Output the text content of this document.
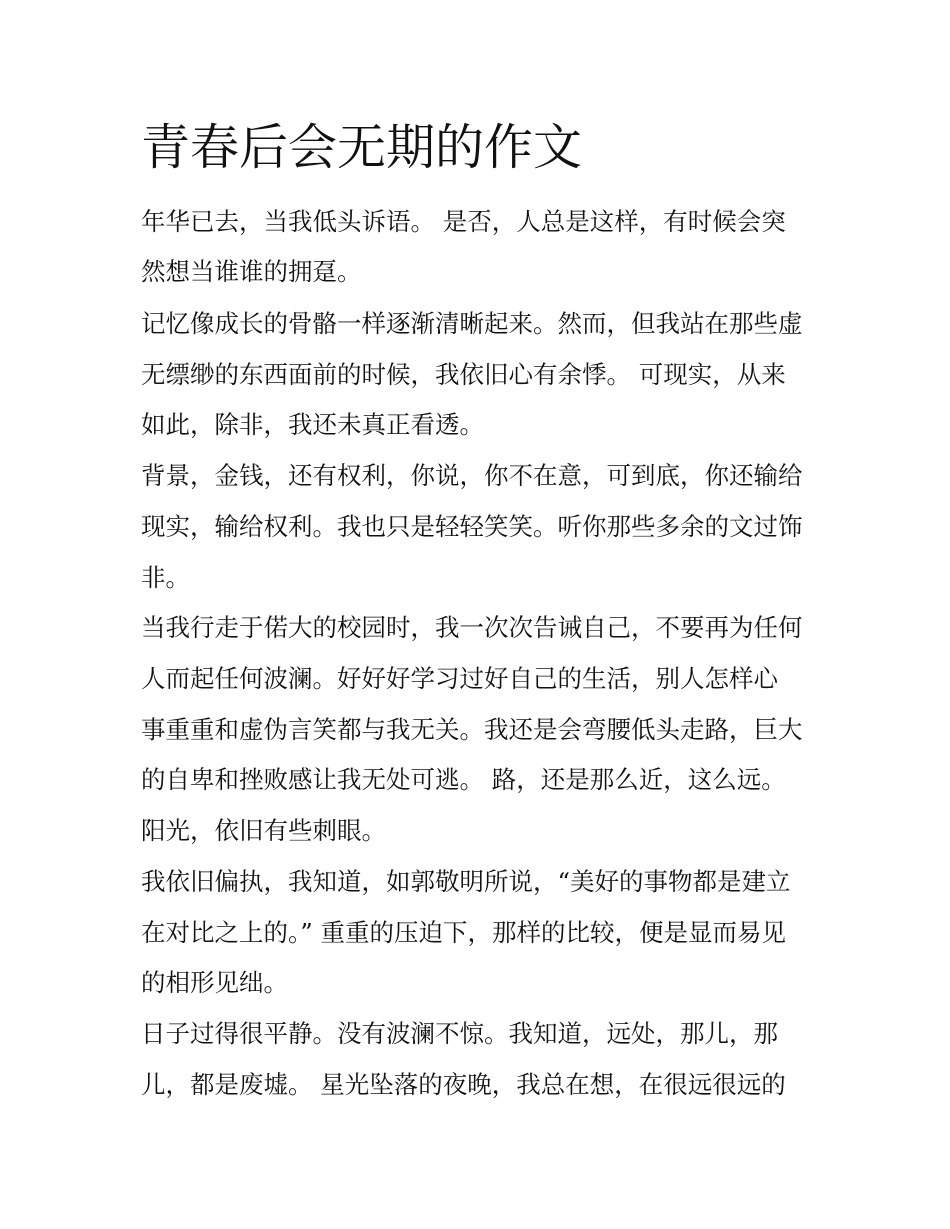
青春后会无期的作文
年华已去，当我低头诉语。 是否，人总是这样，有时候会突
然想当谁谁的拥趸。
记忆像成长的骨骼一样逐渐清晰起来。然而，但我站在那些虚
无缥缈的东西面前的时候，我依旧心有余悸。 可现实，从来
如此，除非，我还未真正看透。
背景，金钱，还有权利，你说，你不在意，可到底，你还输给
现实，输给权利。我也只是轻轻笑笑。听你那些多余的文过饰
非。
当我行走于偌大的校园时，我一次次告诫自己，不要再为任何
人而起任何波澜。好好好学习过好自己的生活，别人怎样心
事重重和虚伪言笑都与我无关。我还是会弯腰低头走路，巨大
的自卑和挫败感让我无处可逃。 路，还是那么近，这么远。
阳光，依旧有些刺眼。
我依旧偏执，我知道，如郭敬明所说，“美好的事物都是建立
在对比之上的。” 重重的压迫下，那样的比较，便是显而易见
的相形见绌。
日子过得很平静。没有波澜不惊。我知道，远处，那儿，那
儿，都是废墟。 星光坠落的夜晚，我总在想，在很远很远的
